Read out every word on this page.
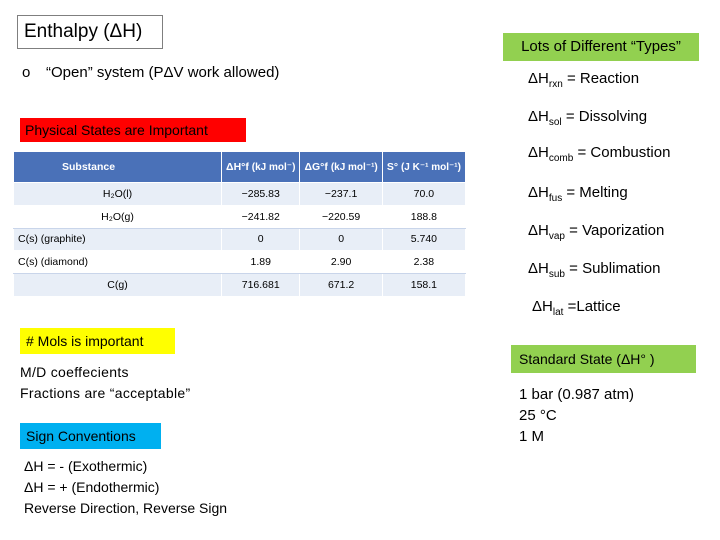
Enthalpy (ΔH)
Lots of Different “Types”
o “Open” system (PΔV work allowed)
Physical States are Important
Substance	ΔH°f (kJ mol⁻)	ΔG°f (kJ mol⁻¹)	S° (J K⁻¹ mol⁻¹)
H₂O(l)	−285.83	−237.1	70.0
H₂O(g)	−241.82	−220.59	188.8
C(s) (graphite)	0	0	5.740
C(s) (diamond)	1.89	2.90	2.38
C(g)	716.681	671.2	158.1
$\Delta H_{rxn}$ = Reaction
$\Delta H_{sol}$ = Dissolving
$\Delta H_{comb}$ = Combustion
$\Delta H_{fus}$ = Melting
$\Delta H_{vap}$ = Vaporization
$\Delta H_{sub}$ = Sublimation
$\Delta H_{lat}$ =Lattice
# Mols is important
M/D coeffecients
Fractions are “acceptable”
Sign Conventions
ΔH = - (Exothermic)
ΔH = + (Endothermic)
Reverse Direction, Reverse Sign
Standard State (ΔH° )
1 bar (0.987 atm)
25 °C
1 M
